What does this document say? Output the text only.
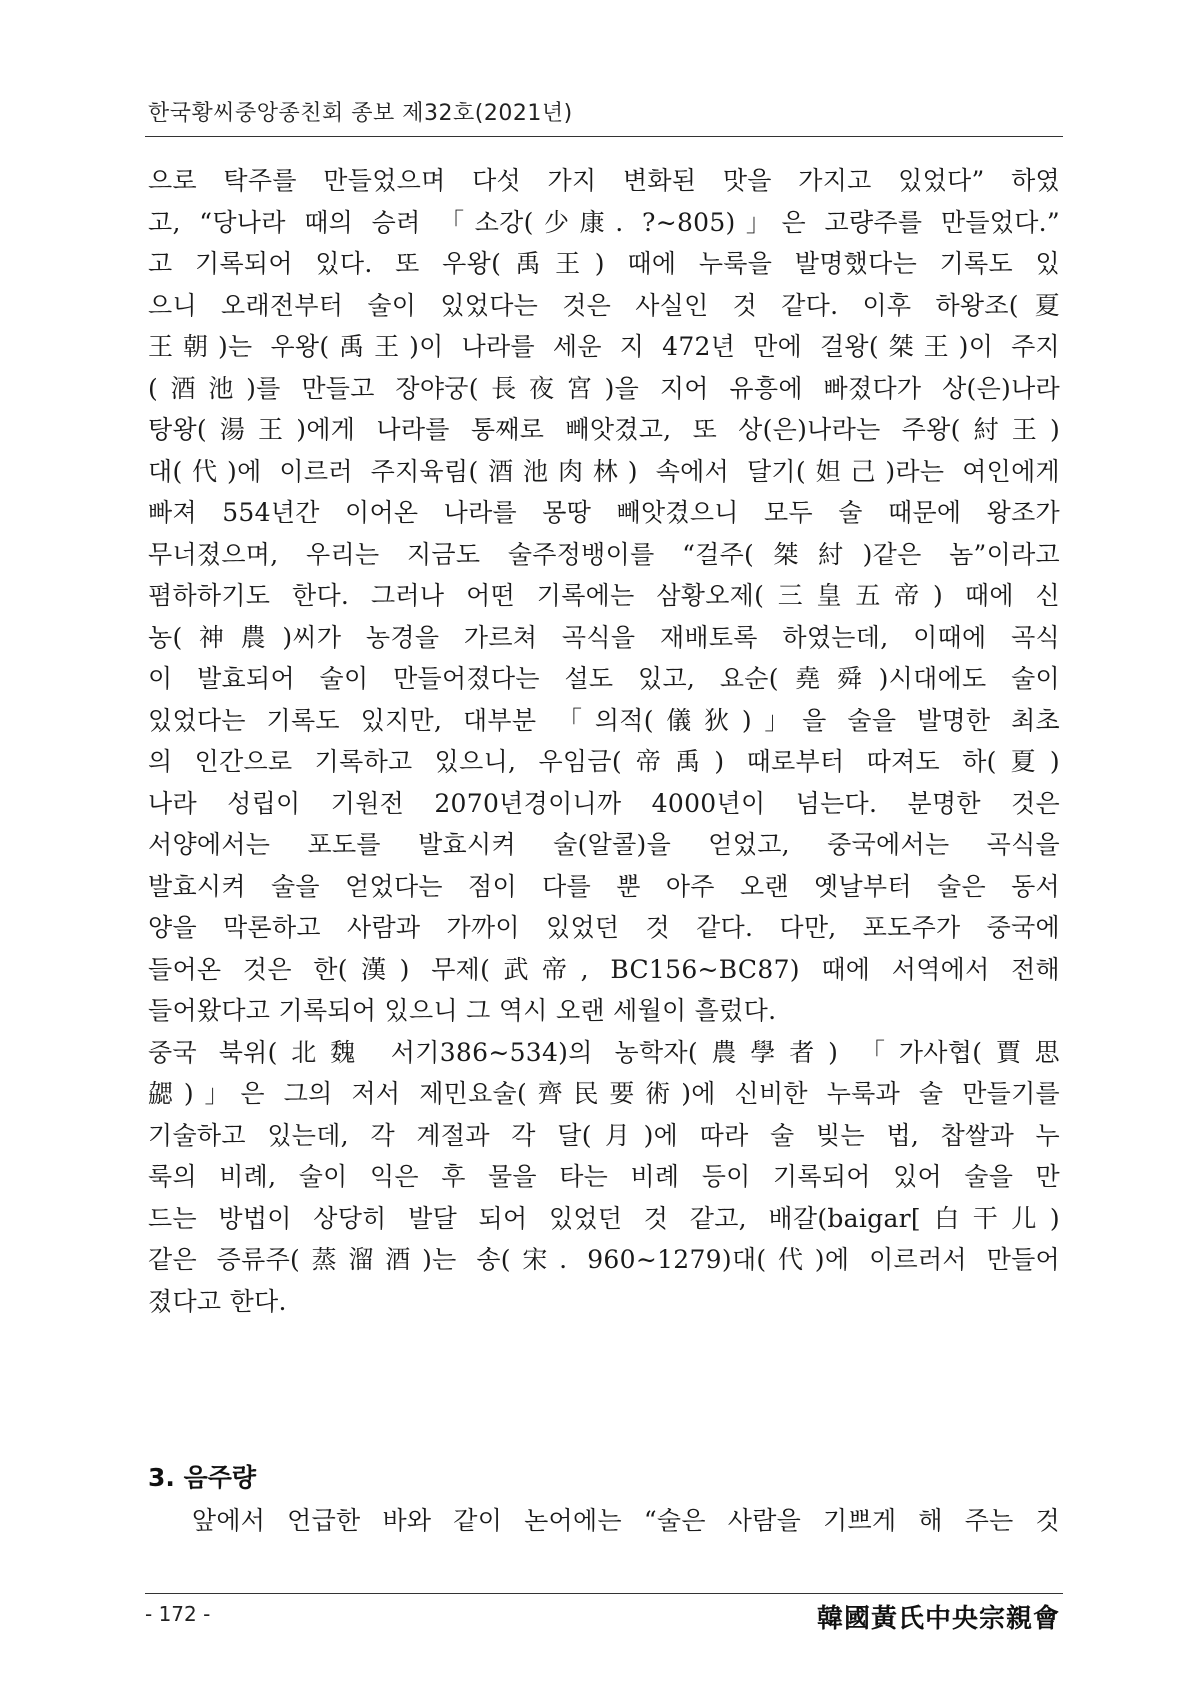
한국황씨중앙종친회 종보 제32호(2021년)
으로 탁주를 만들었으며 다섯 가지 변화된 맛을 가지고 있었다” 하였
고, “당나라 때의 승려 「소강(少康. ?∼805)」은 고량주를 만들었다.”
고 기록되어 있다. 또 우왕(禹王) 때에 누룩을 발명했다는 기록도 있
으니 오래전부터 술이 있었다는 것은 사실인 것 같다. 이후 하왕조(夏
王朝)는 우왕(禹王)이 나라를 세운 지 472년 만에 걸왕(桀王)이 주지
(酒池)를 만들고 장야궁(長夜宮)을 지어 유흥에 빠졌다가 상(은)나라
탕왕(湯王)에게 나라를 통째로 빼앗겼고, 또 상(은)나라는 주왕(紂王)
대(代)에 이르러 주지육림(酒池肉林) 속에서 달기(妲己)라는 여인에게
빠져 554년간 이어온 나라를 몽땅 빼앗겼으니 모두 술 때문에 왕조가
무너졌으며, 우리는 지금도 술주정뱅이를 “걸주(桀紂)같은 놈”이라고
폄하하기도 한다. 그러나 어떤 기록에는 삼황오제(三皇五帝) 때에 신
농(神農)씨가 농경을 가르쳐 곡식을 재배토록 하였는데, 이때에 곡식
이 발효되어 술이 만들어졌다는 설도 있고, 요순(堯舜)시대에도 술이
있었다는 기록도 있지만, 대부분 「의적(儀狄)」을 술을 발명한 최초
의 인간으로 기록하고 있으니, 우임금(帝禹) 때로부터 따져도 하(夏)
나라 성립이 기원전 2070년경이니까 4000년이 넘는다. 분명한 것은
서양에서는 포도를 발효시켜 술(알콜)을 얻었고, 중국에서는 곡식을
발효시켜 술을 얻었다는 점이 다를 뿐 아주 오랜 옛날부터 술은 동서
양을 막론하고 사람과 가까이 있었던 것 같다. 다만, 포도주가 중국에
들어온 것은 한(漢) 무제(武帝, BC156~BC87) 때에 서역에서 전해
들어왔다고 기록되어 있으니 그 역시 오랜 세월이 흘렀다.
중국 북위(北魏 서기386∼534)의 농학자(農學者) 「가사협(賈思
勰)」은 그의 저서 제민요술(齊民要術)에 신비한 누룩과 술 만들기를
기술하고 있는데, 각 계절과 각 달(月)에 따라 술 빚는 법, 찹쌀과 누
룩의 비례, 술이 익은 후 물을 타는 비례 등이 기록되어 있어 술을 만
드는 방법이 상당히 발달 되어 있었던 것 같고, 배갈(baigar[白干儿)
같은 증류주(蒸溜酒)는 송(宋. 960∼1279)대(代)에 이르러서 만들어
졌다고 한다.
3. 음주량
앞에서 언급한 바와 같이 논어에는 “술은 사람을 기쁘게 해 주는 것
- 172 -	韓國黃氏中央宗親會
